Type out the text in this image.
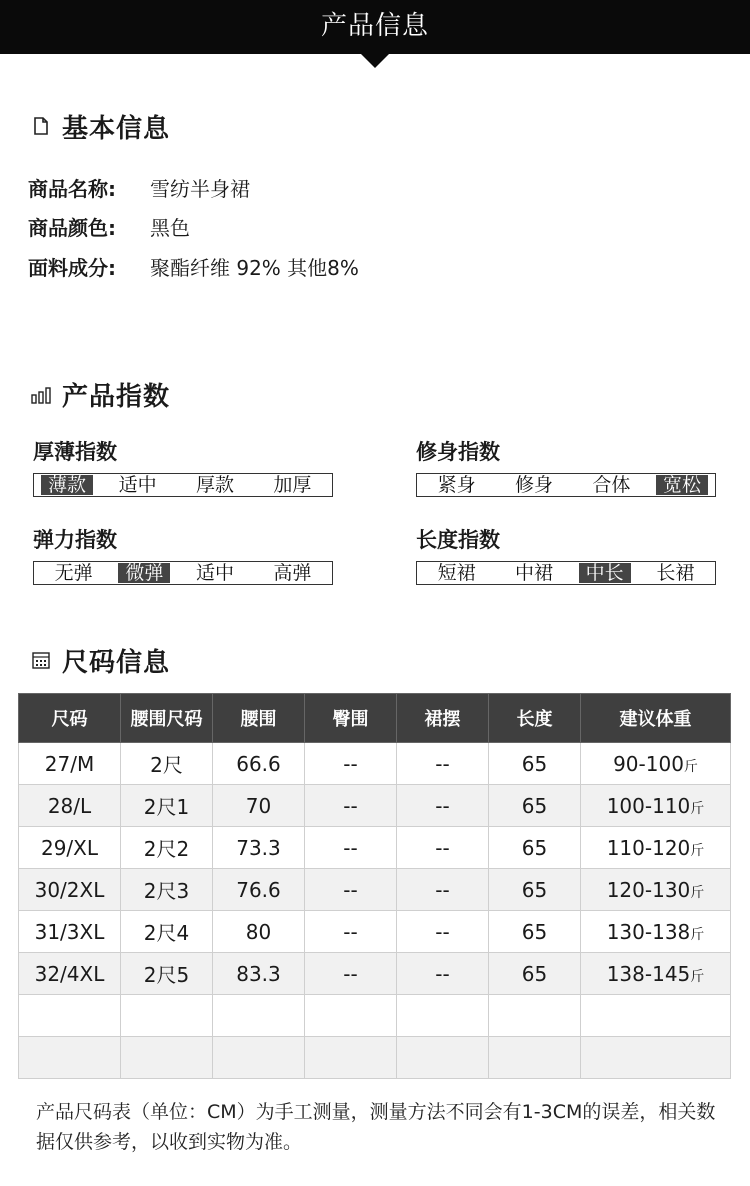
产品信息
基本信息
商品名称:	雪纺半身裙
商品颜色:	黑色
面料成分:	聚酯纤维 92% 其他8%
产品指数
厚薄指数
薄款	适中	厚款	加厚
修身指数
紧身	修身	合体	宽松
弹力指数
无弹	微弹	适中	高弹
长度指数
短裙	中裙	中长	长裙
尺码信息
尺码	腰围尺码	腰围	臀围	裙摆	长度	建议体重
27/M	2尺	66.6	--	--	65	90-100斤
28/L	2尺1	70	--	--	65	100-110斤
29/XL	2尺2	73.3	--	--	65	110-120斤
30/2XL	2尺3	76.6	--	--	65	120-130斤
31/3XL	2尺4	80	--	--	65	130-138斤
32/4XL	2尺5	83.3	--	--	65	138-145斤

产品尺码表（单位：CM）为手工测量，测量方法不同会有1-3CM的误差，相关数据仅供参考，以收到实物为准。
